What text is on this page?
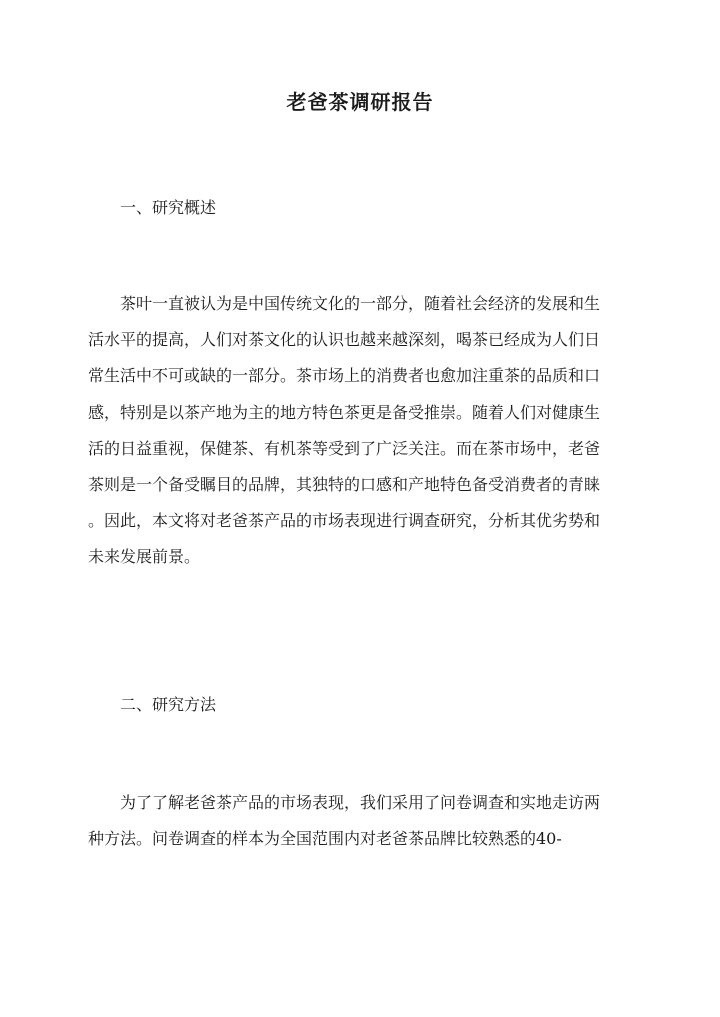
老爸茶调研报告
一、研究概述
　　茶叶一直被认为是中国传统文化的一部分，随着社会经济的发展和生
活水平的提高，人们对茶文化的认识也越来越深刻，喝茶已经成为人们日
常生活中不可或缺的一部分。茶市场上的消费者也愈加注重茶的品质和口
感，特别是以茶产地为主的地方特色茶更是备受推崇。随着人们对健康生
活的日益重视，保健茶、有机茶等受到了广泛关注。而在茶市场中，老爸
茶则是一个备受瞩目的品牌，其独特的口感和产地特色备受消费者的青睐
。因此，本文将对老爸茶产品的市场表现进行调查研究，分析其优劣势和
未来发展前景。
二、研究方法
　　为了了解老爸茶产品的市场表现，我们采用了问卷调查和实地走访两
种方法。问卷调查的样本为全国范围内对老爸茶品牌比较熟悉的40-
